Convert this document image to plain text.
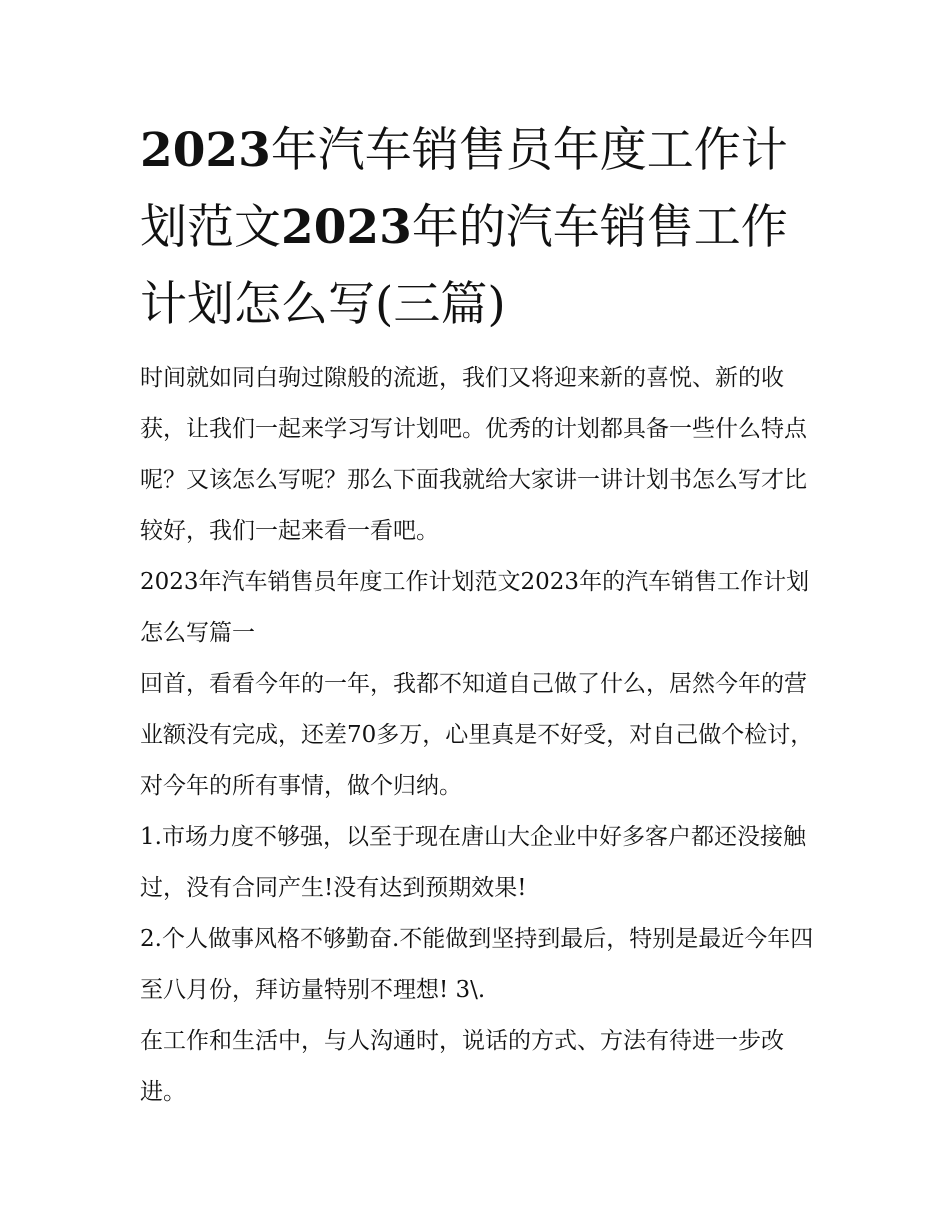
2023年汽车销售员年度工作计划范文2023年的汽车销售工作计划怎么写(三篇)

时间就如同白驹过隙般的流逝，我们又将迎来新的喜悦、新的收获，让我们一起来学习写计划吧。优秀的计划都具备一些什么特点呢？又该怎么写呢？那么下面我就给大家讲一讲计划书怎么写才比较好，我们一起来看一看吧。

2023年汽车销售员年度工作计划范文2023年的汽车销售工作计划怎么写篇一

回首，看看今年的一年，我都不知道自己做了什么，居然今年的营业额没有完成，还差70多万，心里真是不好受，对自己做个检讨，对今年的所有事情，做个归纳。

1.市场力度不够强，以至于现在唐山大企业中好多客户都还没接触过，没有合同产生!没有达到预期效果!

2.个人做事风格不够勤奋.不能做到坚持到最后，特别是最近今年四至八月份，拜访量特别不理想! 3\.

在工作和生活中，与人沟通时，说话的方式、方法有待进一步改进。
